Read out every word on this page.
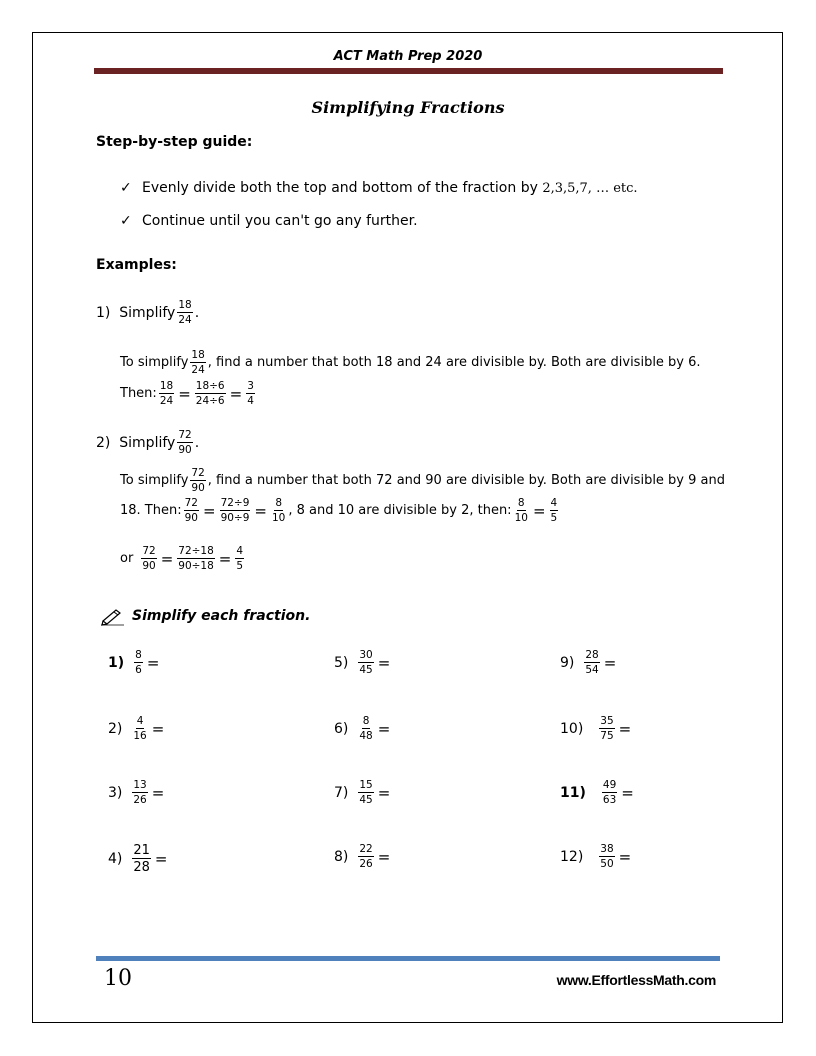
ACT Math Prep 2020
Simplifying Fractions
Step-by-step guide:
✓ Evenly divide both the top and bottom of the fraction by 2,3,5,7, … etc.
✓ Continue until you can't go any further.
Examples:
1)  Simplify $\frac{18}{24}$ .
To simplify $\frac{18}{24}$ , find a number that both 18 and 24 are divisible by. Both are divisible by 6.
Then: $\frac{18}{24} = \frac{18\div 6}{24\div 6} = \frac{3}{4}$
2)  Simplify $\frac{72}{90}$ .
To simplify $\frac{72}{90}$ , find a number that both 72 and 90 are divisible by. Both are divisible by 9 and
18. Then: $\frac{72}{90} = \frac{72\div 9}{90\div 9} = \frac{8}{10}$ , 8 and 10 are divisible by 2, then: $\frac{8}{10} = \frac{4}{5}$
or $\frac{72}{90} = \frac{72\div 18}{90\div 18} = \frac{4}{5}$
Simplify each fraction.
$1) \frac{8}{6}$ =
$2) \frac{4}{16}$ =
$3) \frac{13}{26}$ =
$4) \frac{21}{28}$ =
$5) \frac{30}{45}$ =
$6) \frac{8}{48}$ =
$7) \frac{15}{45}$ =
$8) \frac{22}{26}$ =
$9) \frac{28}{54}$ =
$10) \frac{35}{75}$ =
$11) \frac{49}{63}$ =
$12) \frac{38}{50}$ =
10	www.EffortlessMath.com
